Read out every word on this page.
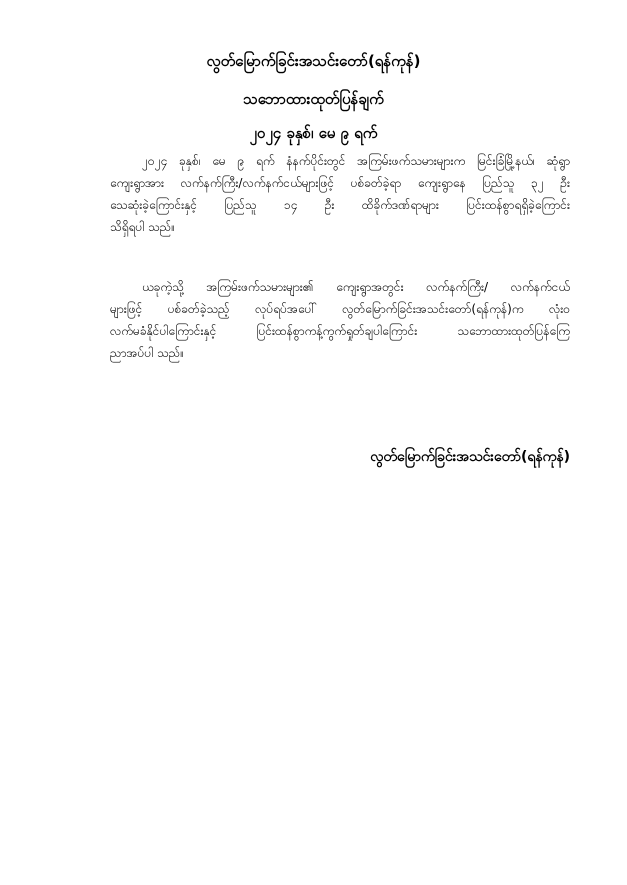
လွတ်မြောက်ခြင်းအသင်းတော်(ရန်ကုန်)
သဘောထားထုတ်ပြန်ချက်
၂၀၂၄ ခုနှစ်၊ မေ ၉ ရက်
၂၀၂၄ ခုနှစ်၊ မေ ၉ ရက် နံနက်ပိုင်းတွင် အကြမ်းဖက်သမားများက မြင်းခြံမြို့နယ်၊ ဆုံရွာ
ကျေးရွာအား လက်နက်ကြီး/လက်နက်ငယ်များဖြင့် ပစ်ခတ်ခဲ့ရာ ကျေးရွာနေ ပြည်သူ ၃၂ ဦး
သေဆုံးခဲ့ကြောင်းနှင့် ပြည်သူ ၁၄ ဦး ထိခိုက်ဒဏ်ရာများ ပြင်းထန်စွာရရှိခဲ့ကြောင်း
သိရှိရပါ သည်။
ယခုကဲ့သို့ အကြမ်းဖက်သမားများ၏ ကျေးရွာအတွင်း လက်နက်ကြီး/ လက်နက်ငယ်
များဖြင့် ပစ်ခတ်ခဲ့သည့် လုပ်ရပ်အပေါ် လွတ်မြောက်ခြင်းအသင်းတော်(ရန်ကုန်)က လုံး၀
လက်မခံနိုင်ပါကြောင်းနှင့် ပြင်းထန်စွာကန့်ကွက်ရှုတ်ချပါကြောင်း သဘောထားထုတ်ပြန်ကြေ
ညာအပ်ပါ သည်။
လွတ်မြောက်ခြင်းအသင်းတော်(ရန်ကုန်)
